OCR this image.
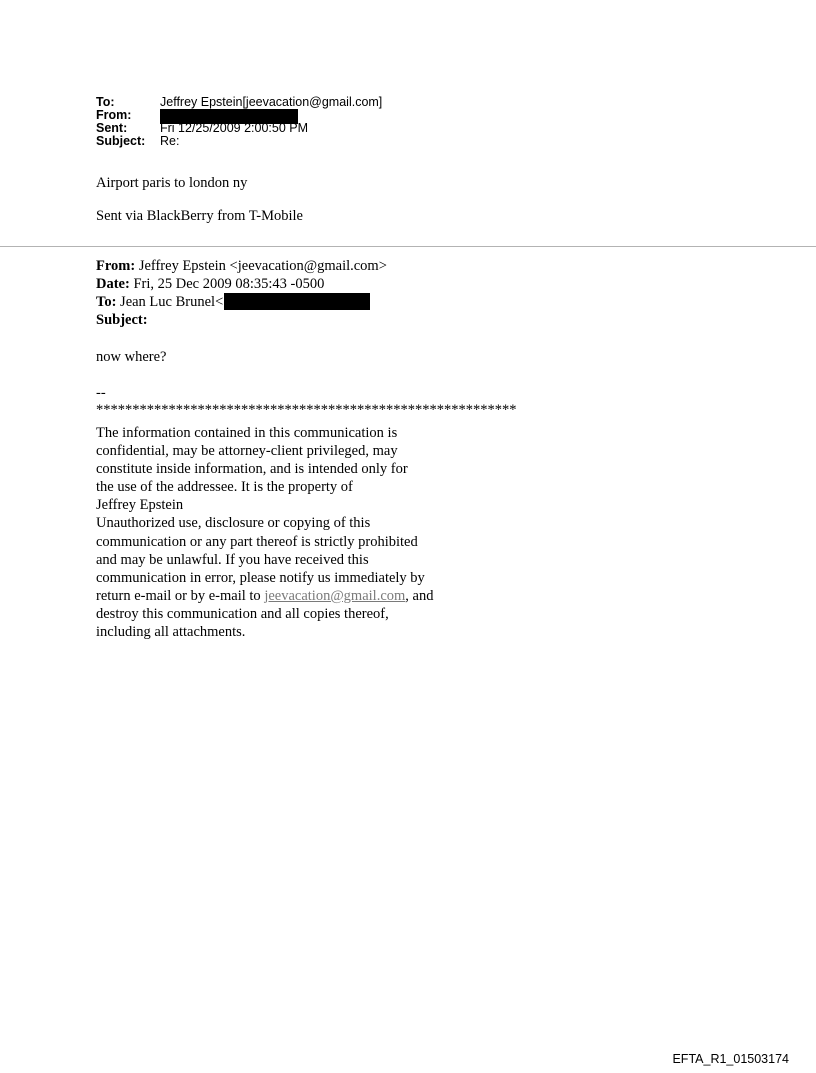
To:	Jeffrey Epstein[jeevacation@gmail.com]
From:
Sent:	Fri 12/25/2009 2:00:50 PM
Subject:	Re:
Airport paris to london ny
Sent via BlackBerry from T-Mobile
From: Jeffrey Epstein <jeevacation@gmail.com>
Date: Fri, 25 Dec 2009 08:35:43 -0500
To: Jean Luc Brunel<
Subject:
now where?
--
**********************************************************
The information contained in this communication is
confidential, may be attorney-client privileged, may
constitute inside information, and is intended only for
the use of the addressee. It is the property of
Jeffrey Epstein
Unauthorized use, disclosure or copying of this
communication or any part thereof is strictly prohibited
and may be unlawful. If you have received this
communication in error, please notify us immediately by
return e-mail or by e-mail to jeevacation@gmail.com, and
destroy this communication and all copies thereof,
including all attachments.
EFTA_R1_01503174
